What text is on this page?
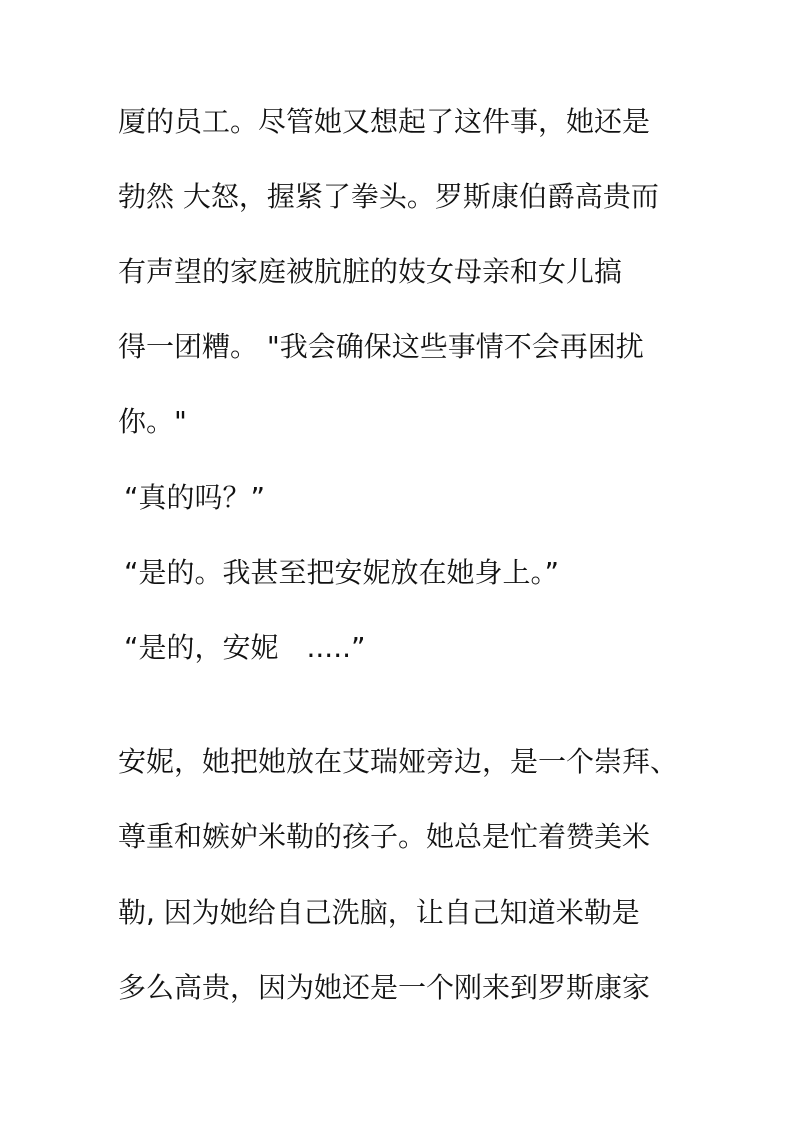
厦的员工。尽管她又想起了这件事，她还是
勃然 大怒，握紧了拳头。罗斯康伯爵高贵而
有声望的家庭被肮脏的妓女母亲和女儿搞
得一团糟。 "我会确保这些事情不会再困扰
你。"
“真的吗？”
“是的。我甚至把安妮放在她身上。”
“是的，安妮　.....”
安妮，她把她放在艾瑞娅旁边，是一个崇拜、
尊重和嫉妒米勒的孩子。她总是忙着赞美米
勒, 因为她给自己洗脑，让自己知道米勒是
多么高贵，因为她还是一个刚来到罗斯康家
